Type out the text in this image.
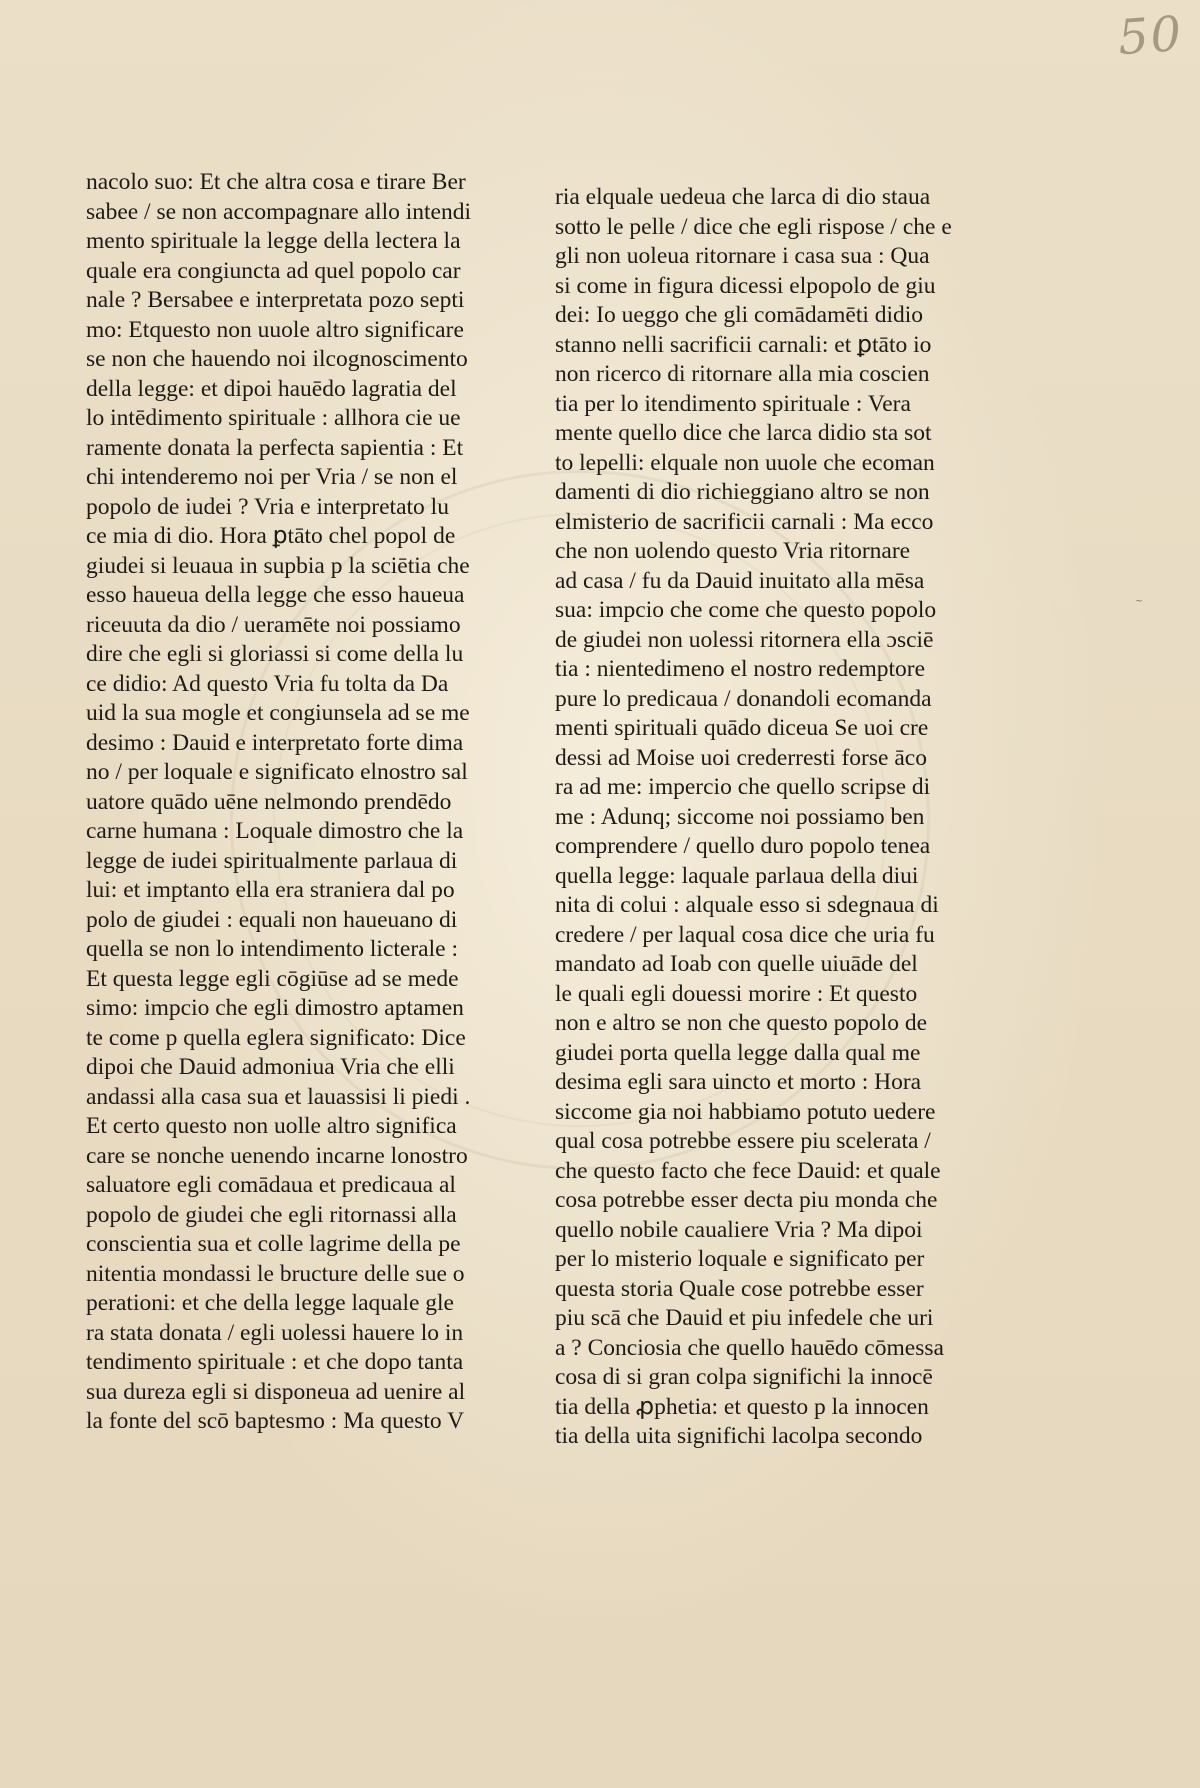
50
nacolo suo: Et che altra cosa e tirare Ber
sabee / se non accompagnare allo intendi
mento spirituale la legge della lectera la
quale era congiuncta ad quel popolo car
nale ? Bersabee e interpretata pozo septi
mo: Etquesto non uuole altro significare
se non che hauendo noi ilcognoscimento
della legge: et dipoi hauēdo lagratia del
lo intēdimento spirituale : allhora cie ue
ramente donata la perfecta sapientia : Et
chi intenderemo noi per Vria / se non el
popolo de iudei ? Vria e interpretato lu
ce mia di dio. Hora ꝑtāto chel popol de
giudei si leuaua in supbia p la sciētia che
esso haueua della legge che esso haueua
riceuuta da dio / ueramēte noi possiamo
dire che egli si gloriassi si come della lu
ce didio: Ad questo Vria fu tolta da Da
uid la sua mogle et congiunsela ad se me
desimo : Dauid e interpretato forte dima
no / per loquale e significato elnostro sal
uatore quādo uēne nelmondo prendēdo
carne humana : Loquale dimostro che la
legge de iudei spiritualmente parlaua di
lui: et imptanto ella era straniera dal po
polo de giudei : equali non haueuano di
quella se non lo intendimento licterale :
Et questa legge egli cōgiūse ad se mede
simo: impcio che egli dimostro aptamen
te come p quella eglera significato: Dice
dipoi che Dauid admoniua Vria che elli
andassi alla casa sua et lauassisi li piedi .
Et certo questo non uolle altro significa
care se nonche uenendo incarne lonostro
saluatore egli comādaua et predicaua al
popolo de giudei che egli ritornassi alla
conscientia sua et colle lagrime della pe
nitentia mondassi le bructure delle sue o
perationi: et che della legge laquale gle
ra stata donata / egli uolessi hauere lo in
tendimento spirituale : et che dopo tanta
sua dureza egli si disponeua ad uenire al
la fonte del scō baptesmo : Ma questo V
ria elquale uedeua che larca di dio staua
sotto le pelle / dice che egli rispose / che e
gli non uoleua ritornare i casa sua : Qua
si come in figura dicessi elpopolo de giu
dei: Io ueggo che gli comādamēti didio
stanno nelli sacrificii carnali: et ꝑtāto io
non ricerco di ritornare alla mia coscien
tia per lo itendimento spirituale : Vera
mente quello dice che larca didio sta sot
to lepelli: elquale non uuole che ecoman
damenti di dio richieggiano altro se non
elmisterio de sacrificii carnali : Ma ecco
che non uolendo questo Vria ritornare
ad casa / fu da Dauid inuitato alla mēsa
sua: impcio che come che questo popolo
de giudei non uolessi ritornera ella ɔsciē
tia : nientedimeno el nostro redemptore
pure lo predicaua / donandoli ecomanda
menti spirituali quādo diceua Se uoi cre
dessi ad Moise uoi crederresti forse āco
ra ad me: impercio che quello scripse di
me : Adunq; siccome noi possiamo ben
comprendere / quello duro popolo tenea
quella legge: laquale parlaua della diui
nita di colui : alquale esso si sdegnaua di
credere / per laqual cosa dice che uria fu
mandato ad Ioab con quelle uiuāde del
le quali egli douessi morire : Et questo
non e altro se non che questo popolo de
giudei porta quella legge dalla qual me
desima egli sara uincto et morto : Hora
siccome gia noi habbiamo potuto uedere
qual cosa potrebbe essere piu scelerata /
che questo facto che fece Dauid: et quale
cosa potrebbe esser decta piu monda che
quello nobile caualiere Vria ? Ma dipoi
per lo misterio loquale e significato per
questa storia Quale cose potrebbe esser
piu scā che Dauid et piu infedele che uri
a ? Conciosia che quello hauēdo cōmessa
cosa di si gran colpa significhi la innocē
tia della ꝓphetia: et questo p la innocen
tia della uita significhi lacolpa secondo
~
